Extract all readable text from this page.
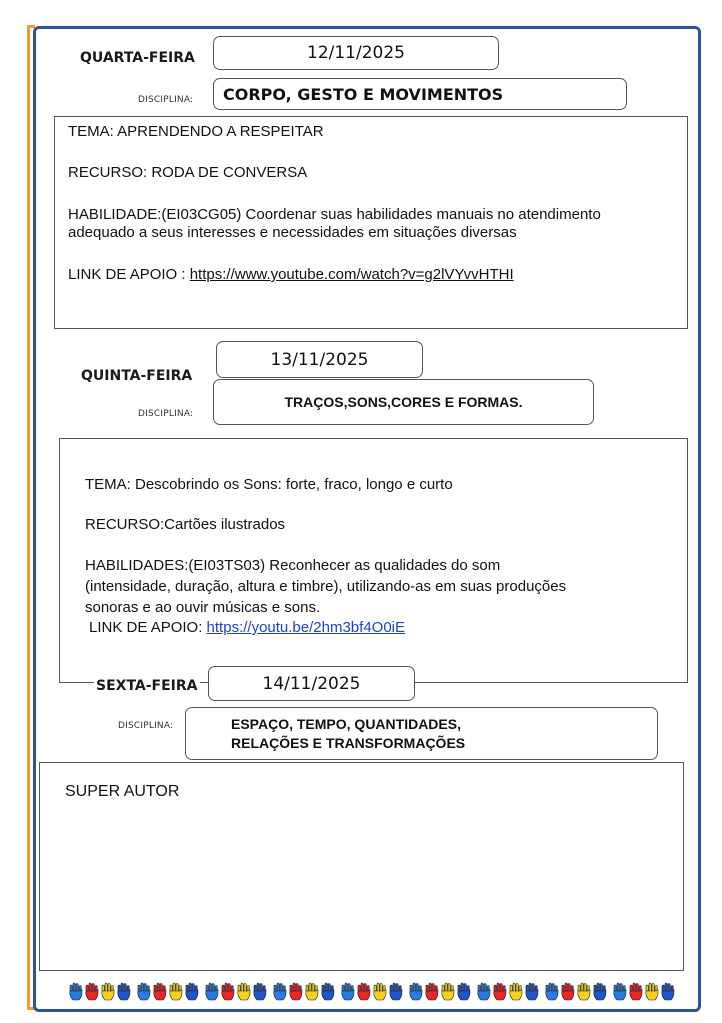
QUARTA-FEIRA	12/11/2025
DISCIPLINA: CORPO, GESTO E MOVIMENTOS
TEMA: APRENDENDO A RESPEITAR
RECURSO: RODA DE CONVERSA
HABILIDADE:(EI03CG05) Coordenar suas habilidades manuais no atendimento
adequado a seus interesses e necessidades em situações diversas
LINK DE APOIO : https://www.youtube.com/watch?v=g2lVYvvHTHI
13/11/2025
QUINTA-FEIRA
TRAÇOS,SONS,CORES E FORMAS.
DISCIPLINA:
TEMA: Descobrindo os Sons: forte, fraco, longo e curto
RECURSO:Cartões ilustrados
HABILIDADES:(EI03TS03) Reconhecer as qualidades do som
(intensidade, duração, altura e timbre), utilizando-as em suas produções
sonoras e ao ouvir músicas e sons.
LINK DE APOIO: https://youtu.be/2hm3bf4O0iE
14/11/2025
SEXTA-FEIRA
DISCIPLINA:	ESPAÇO, TEMPO, QUANTIDADES,
RELAÇÕES E TRANSFORMAÇÕES
SUPER AUTOR
